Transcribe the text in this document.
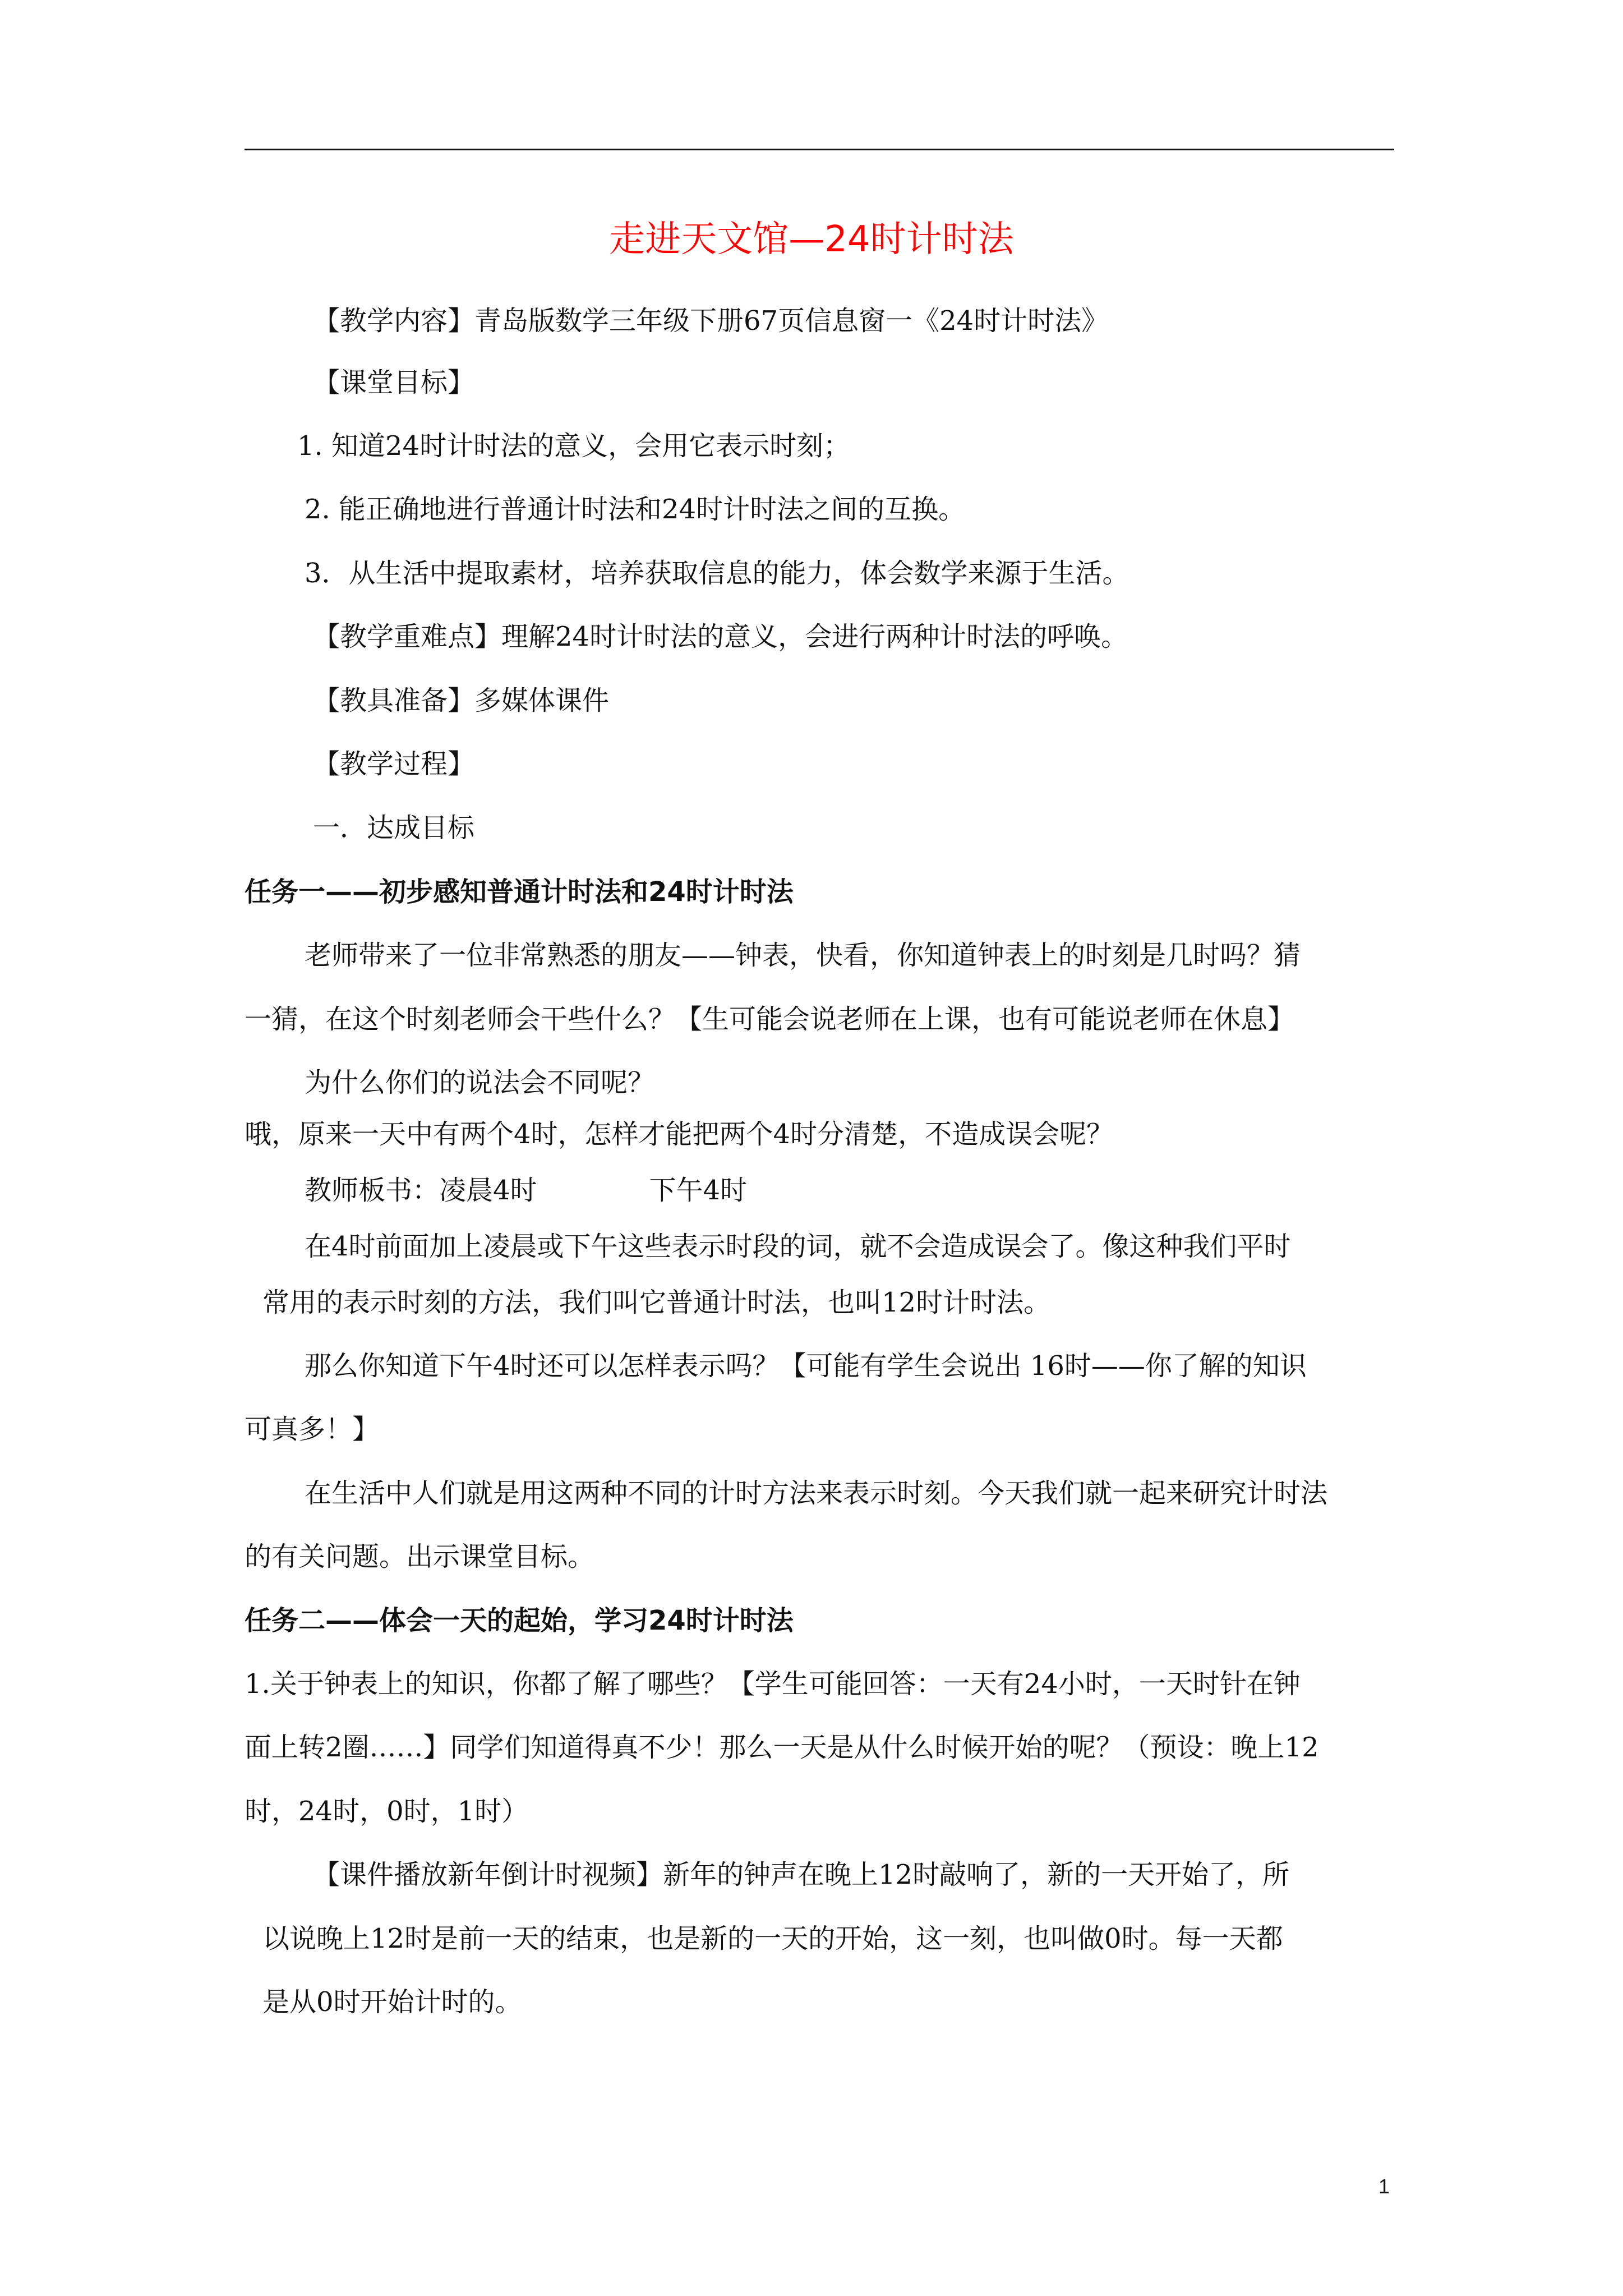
走进天文馆—24时计时法
【教学内容】青岛版数学三年级下册67页信息窗一《24时计时法》
【课堂目标】
1. 知道24时计时法的意义，会用它表示时刻；
2. 能正确地进行普通计时法和24时计时法之间的互换。
3．从生活中提取素材，培养获取信息的能力，体会数学来源于生活。
【教学重难点】理解24时计时法的意义，会进行两种计时法的呼唤。
【教具准备】多媒体课件
【教学过程】
一．达成目标
任务一——初步感知普通计时法和24时计时法
老师带来了一位非常熟悉的朋友——钟表，快看，你知道钟表上的时刻是几时吗？猜
一猜，在这个时刻老师会干些什么？【生可能会说老师在上课，也有可能说老师在休息】
为什么你们的说法会不同呢？
哦，原来一天中有两个4时，怎样才能把两个4时分清楚，不造成误会呢？
教师板书：凌晨4时	下午4时
在4时前面加上凌晨或下午这些表示时段的词，就不会造成误会了。像这种我们平时
常用的表示时刻的方法，我们叫它普通计时法，也叫12时计时法。
那么你知道下午4时还可以怎样表示吗？【可能有学生会说出 16时——你了解的知识
可真多！】
在生活中人们就是用这两种不同的计时方法来表示时刻。今天我们就一起来研究计时法
的有关问题。出示课堂目标。
任务二——体会一天的起始，学习24时计时法
1.关于钟表上的知识，你都了解了哪些？【学生可能回答：一天有24小时，一天时针在钟
面上转2圈……】同学们知道得真不少！那么一天是从什么时候开始的呢？（预设：晚上12
时，24时，0时，1时）
【课件播放新年倒计时视频】新年的钟声在晚上12时敲响了，新的一天开始了，所
以说晚上12时是前一天的结束，也是新的一天的开始，这一刻，也叫做0时。每一天都
是从0时开始计时的。
1
